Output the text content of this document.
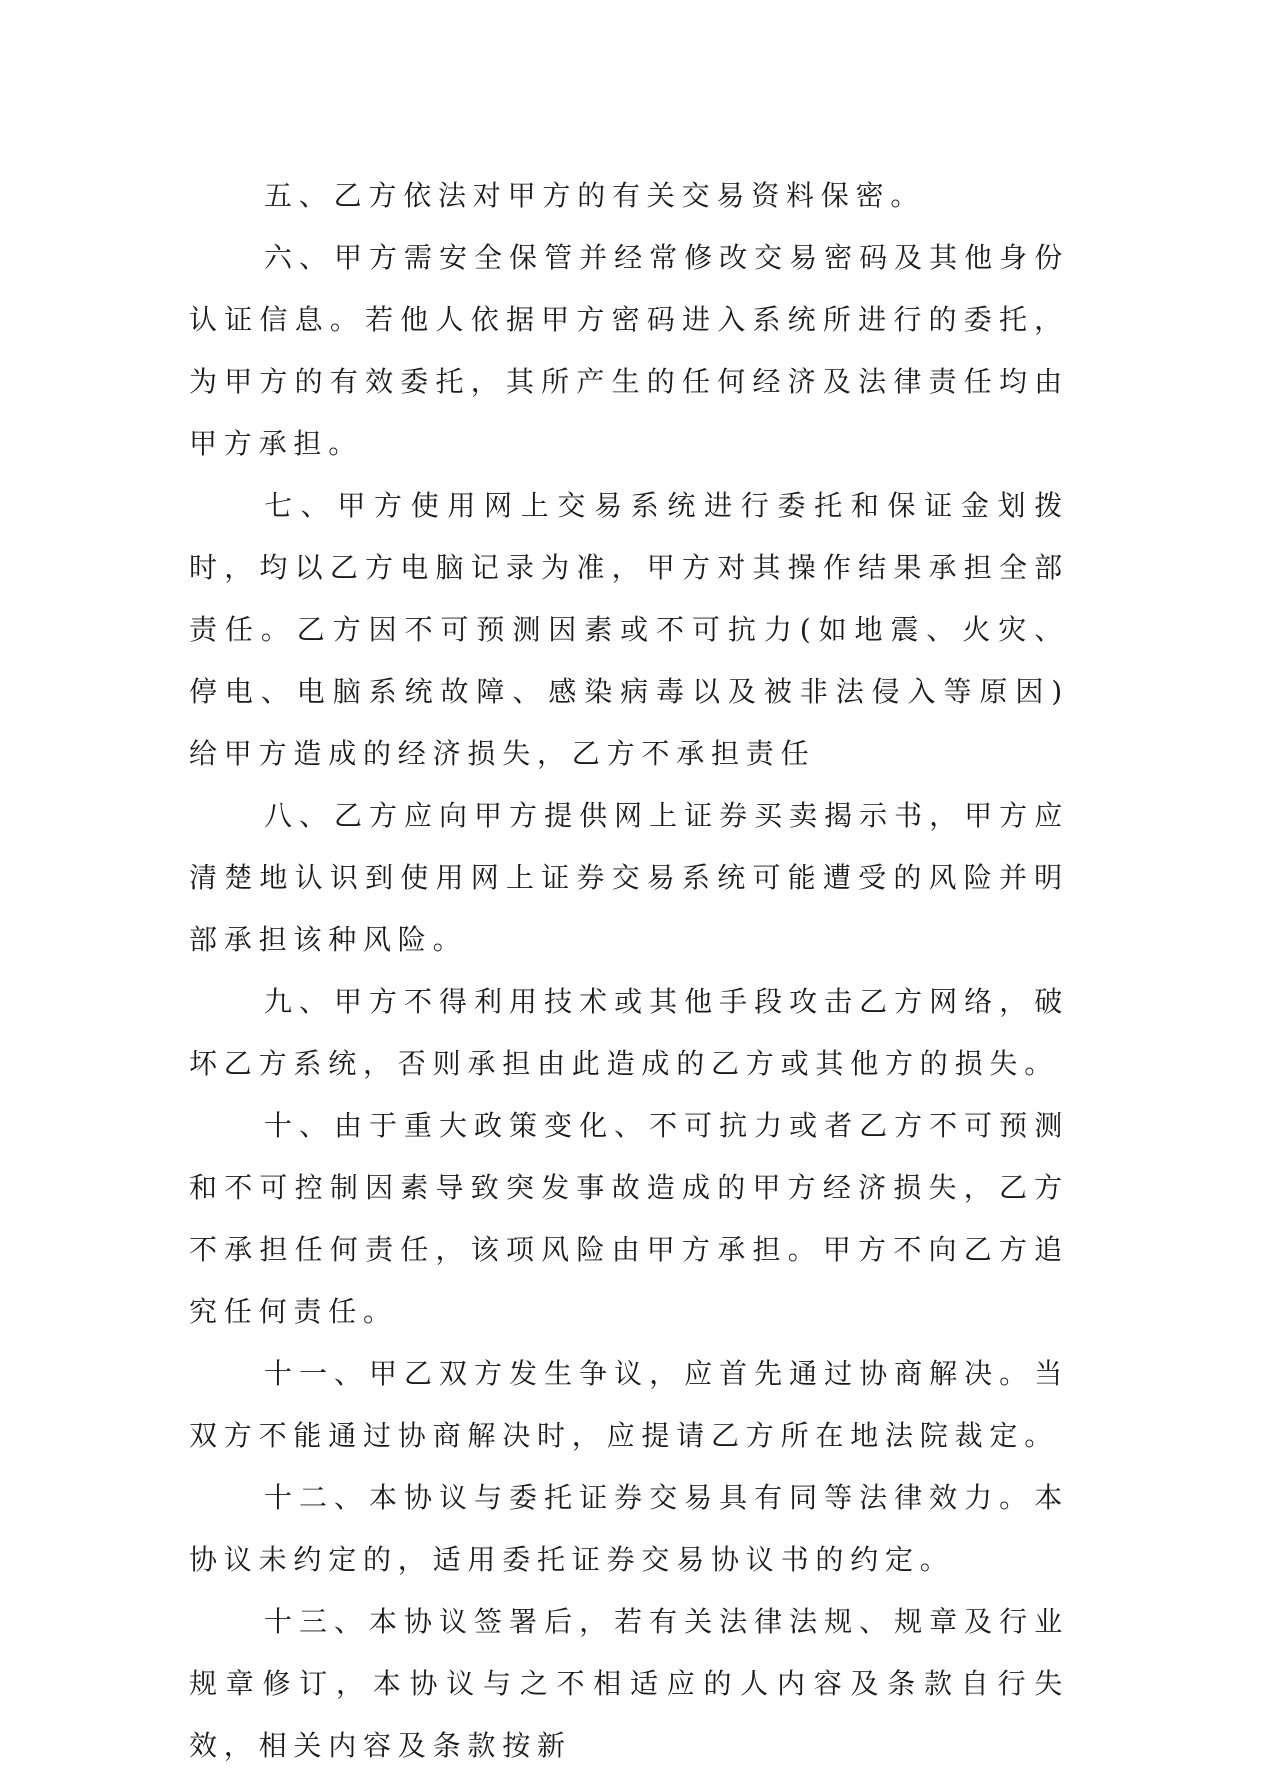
五、乙方依法对甲方的有关交易资料保密。

六、甲方需安全保管并经常修改交易密码及其他身份认证信息。若他人依据甲方密码进入系统所进行的委托，为甲方的有效委托，其所产生的任何经济及法律责任均由甲方承担。

七、甲方使用网上交易系统进行委托和保证金划拨时，均以乙方电脑记录为准，甲方对其操作结果承担全部责任。乙方因不可预测因素或不可抗力(如地震、火灾、停电、电脑系统故障、感染病毒以及被非法侵入等原因)给甲方造成的经济损失，乙方不承担责任

八、乙方应向甲方提供网上证券买卖揭示书，甲方应清楚地认识到使用网上证券交易系统可能遭受的风险并明部承担该种风险。

九、甲方不得利用技术或其他手段攻击乙方网络，破坏乙方系统，否则承担由此造成的乙方或其他方的损失。

十、由于重大政策变化、不可抗力或者乙方不可预测和不可控制因素导致突发事故造成的甲方经济损失，乙方不承担任何责任，该项风险由甲方承担。甲方不向乙方追究任何责任。

十一、甲乙双方发生争议，应首先通过协商解决。当双方不能通过协商解决时，应提请乙方所在地法院裁定。

十二、本协议与委托证券交易具有同等法律效力。本协议未约定的，适用委托证券交易协议书的约定。

十三、本协议签署后，若有关法律法规、规章及行业规章修订，本协议与之不相适应的人内容及条款自行失效，相关内容及条款按新
